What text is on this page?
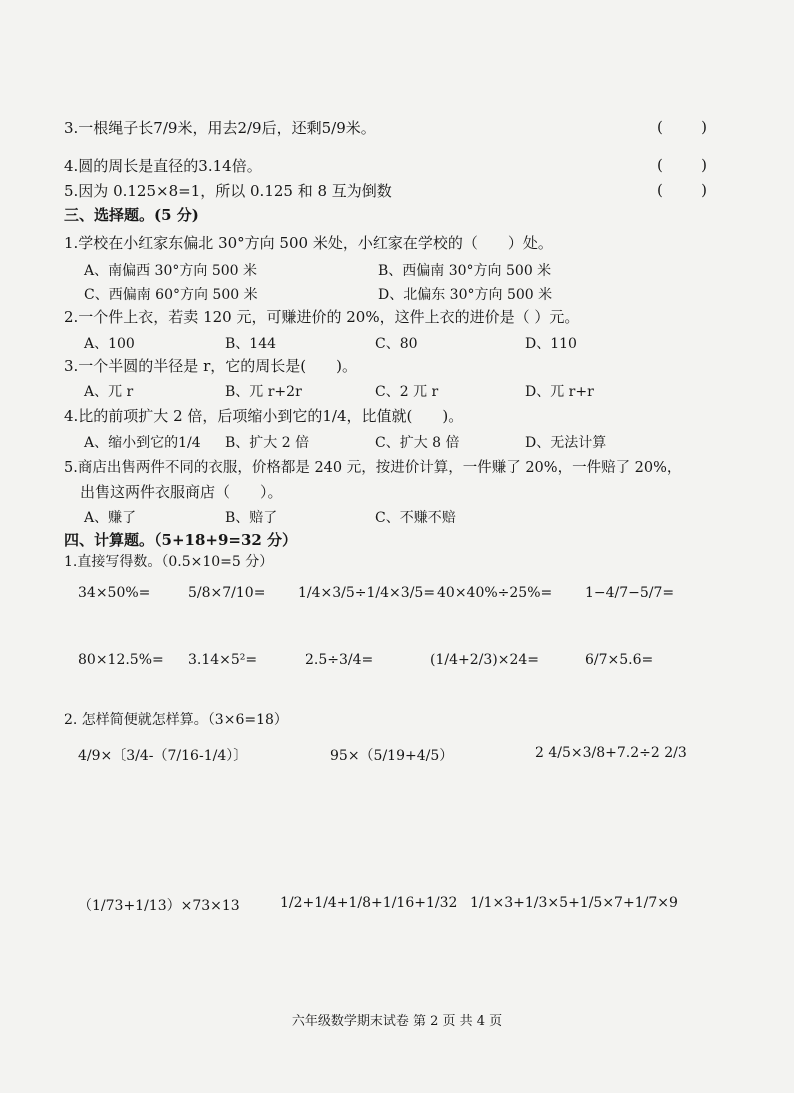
3.一根绳子长7/9米，用去2/9后，还剩5/9米。	(	)
4.圆的周长是直径的3.14倍。	(	)
5.因为 0.125×8=1，所以 0.125 和 8 互为倒数	(	)
三、选择题。(5 分)
1.学校在小红家东偏北 30°方向 500 米处，小红家在学校的（　　）处。
A、南偏西 30°方向 500 米	B、西偏南 30°方向 500 米
C、西偏南 60°方向 500 米	D、北偏东 30°方向 500 米
2.一个件上衣，若卖 120 元，可赚进价的 20%，这件上衣的进价是（ ）元。
A、100	B、144	C、80	D、110
3.一个半圆的半径是 r，它的周长是(　　)。
A、兀 r	B、兀 r+2r	C、2 兀 r	D、兀 r+r
4.比的前项扩大 2 倍，后项缩小到它的1/4，比值就(　　)。
A、缩小到它的1/4 B、扩大 2 倍	C、扩大 8 倍	D、无法计算
5.商店出售两件不同的衣服，价格都是 240 元，按进价计算，一件赚了 20%，一件赔了 20%，
出售这两件衣服商店（　　）。
A、赚了	B、赔了	C、不赚不赔
四、计算题。（5+18+9=32 分）
1.直接写得数。（0.5×10=5 分）
34×50%=	5/8×7/10= 1/4×3/5÷1/4×3/5= 40×40%÷25%= 1−4/7−5/7=
80×12.5%= 3.14×5²=	2.5÷3/4=	(1/4+2/3)×24=	6/7×5.6=
2. 怎样简便就怎样算。（3×6=18）
4/9×〔3/4-（7/16-1/4）〕	95×（5/19+4/5）	2 4/5×3/8+7.2÷2 2/3
（1/73+1/13）×73×13	1/2+1/4+1/8+1/16+1/32 1/1×3+1/3×5+1/5×7+1/7×9
六年级数学期末试卷 第 2 页 共 4 页
